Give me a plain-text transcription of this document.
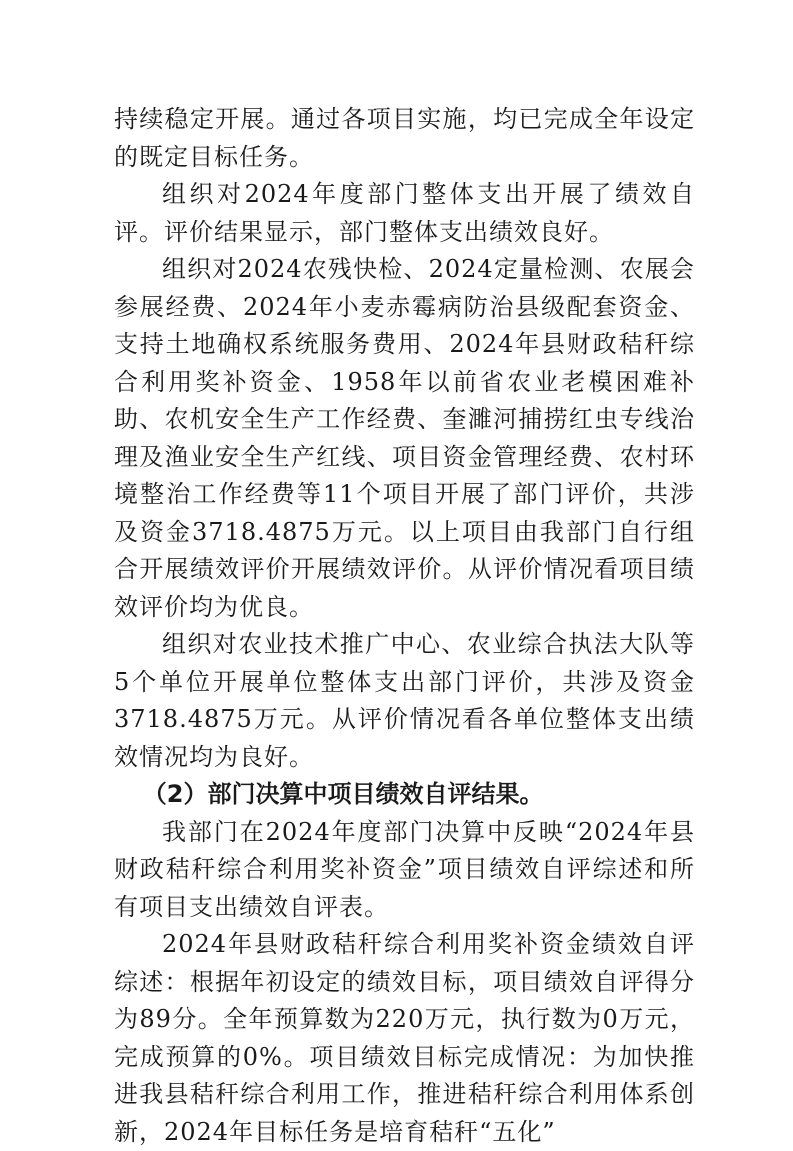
持续稳定开展。通过各项目实施，均已完成全年设定的既定目标任务。

组织对2024年度部门整体支出开展了绩效自评。评价结果显示，部门整体支出绩效良好。

组织对2024农残快检、2024定量检测、农展会参展经费、2024年小麦赤霉病防治县级配套资金、支持土地确权系统服务费用、2024年县财政秸秆综合利用奖补资金、1958年以前省农业老模困难补助、农机安全生产工作经费、奎濉河捕捞红虫专线治理及渔业安全生产红线、项目资金管理经费、农村环境整治工作经费等11个项目开展了部门评价，共涉及资金3718.4875万元。以上项目由我部门自行组合开展绩效评价开展绩效评价。从评价情况看项目绩效评价均为优良。

组织对农业技术推广中心、农业综合执法大队等5个单位开展单位整体支出部门评价，共涉及资金3718.4875万元。从评价情况看各单位整体支出绩效情况均为良好。

（2）部门决算中项目绩效自评结果。

我部门在2024年度部门决算中反映“2024年县财政秸秆综合利用奖补资金”项目绩效自评综述和所有项目支出绩效自评表。

2024年县财政秸秆综合利用奖补资金绩效自评综述：根据年初设定的绩效目标，项目绩效自评得分为89分。全年预算数为220万元，执行数为0万元，完成预算的0%。项目绩效目标完成情况：为加快推进我县秸秆综合利用工作，推进秸秆综合利用体系创新，2024年目标任务是培育秸秆“五化”
